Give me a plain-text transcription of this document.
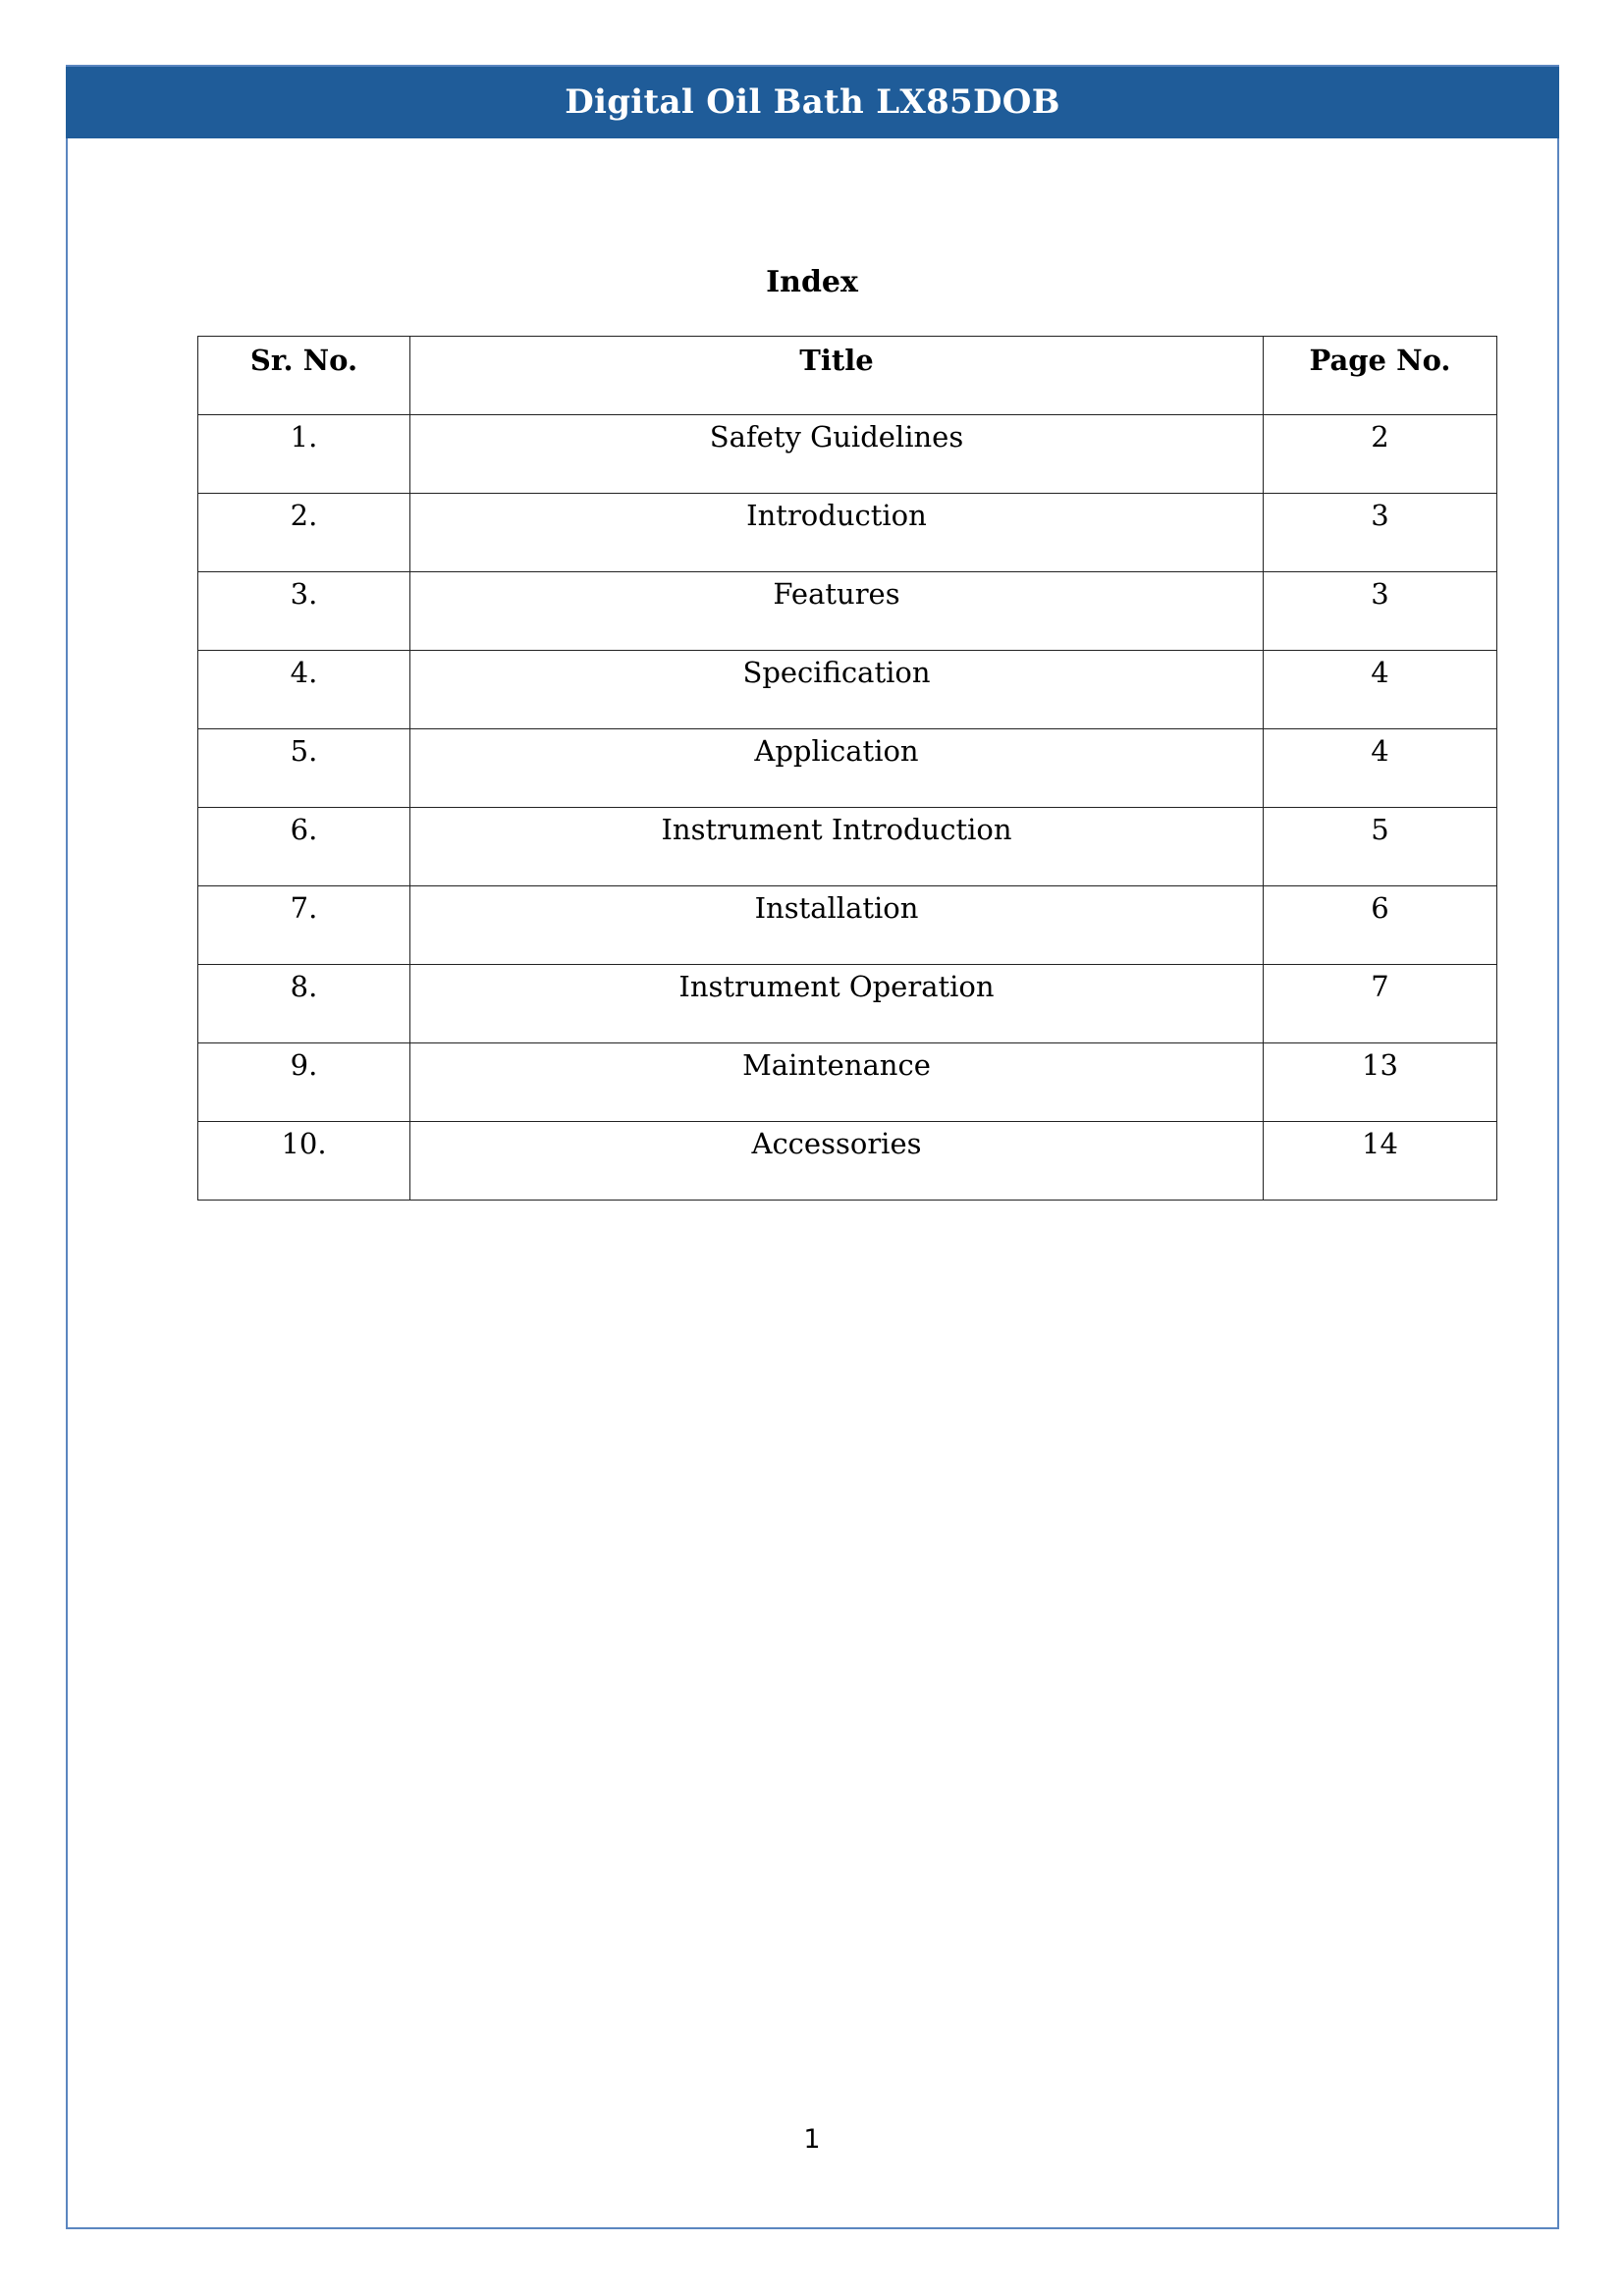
Digital Oil Bath LX85DOB
Index
Sr. No.	Title	Page No.
1.	Safety Guidelines	2
2.	Introduction	3
3.	Features	3
4.	Specification	4
5.	Application	4
6.	Instrument Introduction	5
7.	Installation	6
8.	Instrument Operation	7
9.	Maintenance	13
10.	Accessories	14
1
